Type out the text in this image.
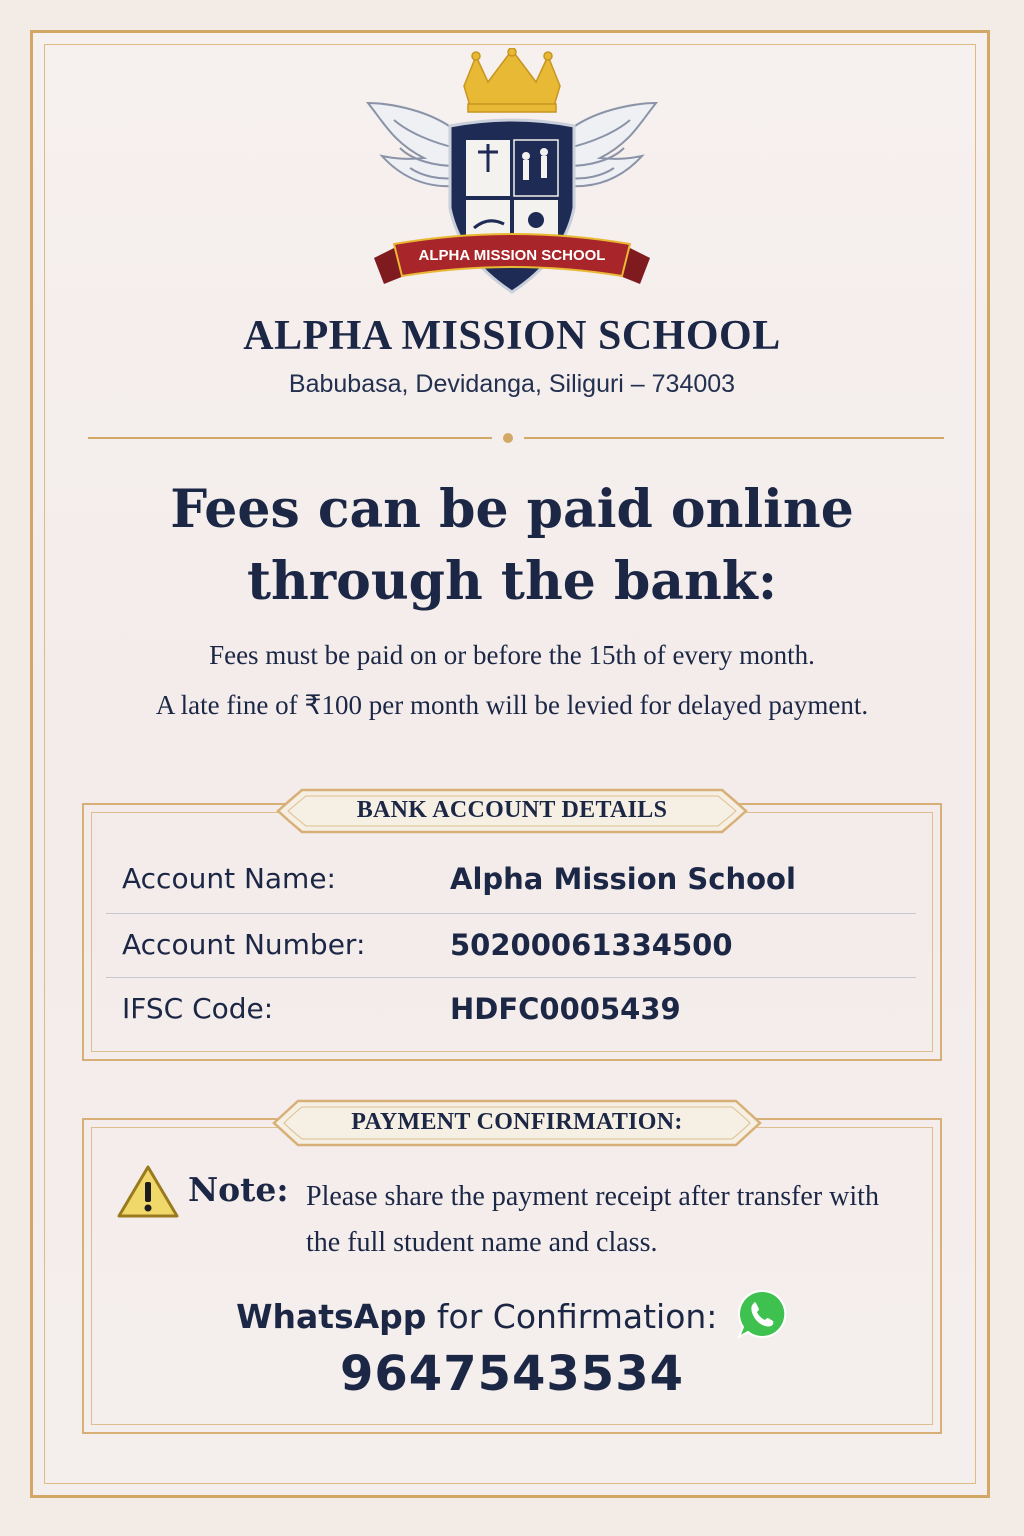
ALPHA MISSION SCHOOL
ALPHA MISSION SCHOOL
Babubasa, Devidanga, Siliguri – 734003
Fees can be paid online
through the bank:
Fees must be paid on or before the 15th of every month.
A late fine of ₹100 per month will be levied for delayed payment.
BANK ACCOUNT DETAILS
Account Name:	Alpha Mission School
Account Number:	50200061334500
IFSC Code:	HDFC0005439
PAYMENT CONFIRMATION:
Note: Please share the payment receipt after transfer with the full student name and class.
WhatsApp for Confirmation:
9647543534
